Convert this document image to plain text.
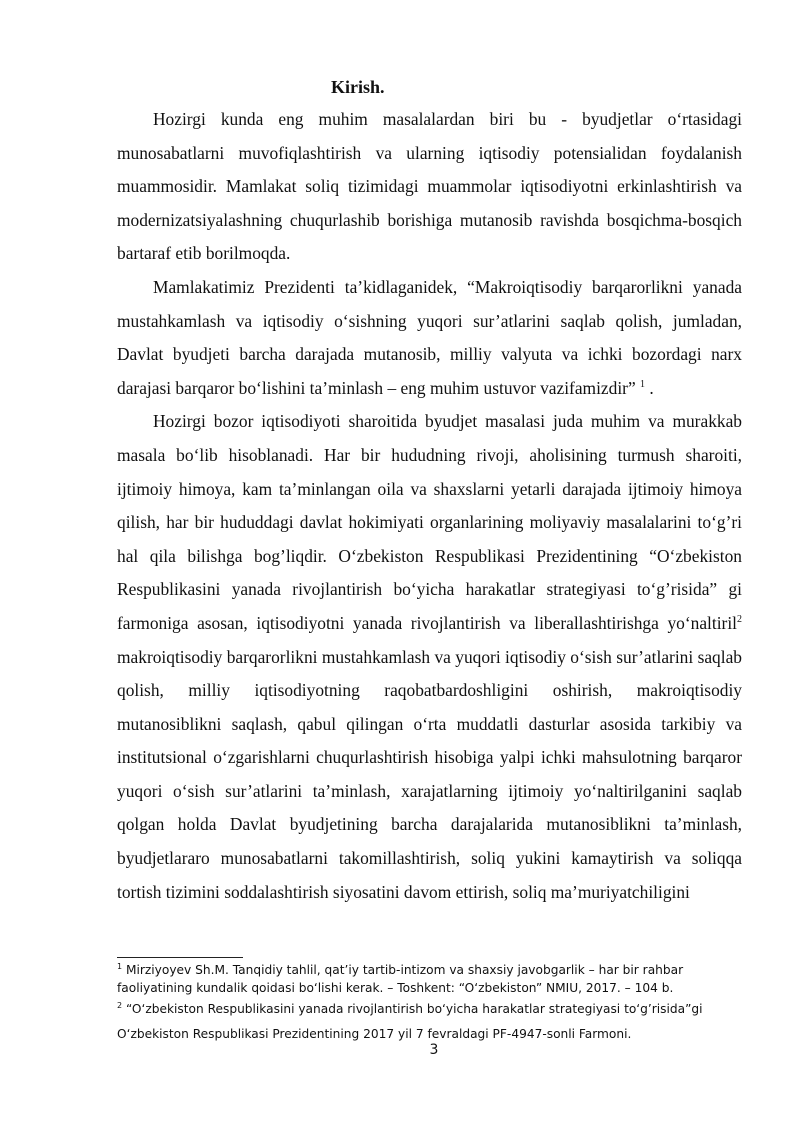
Kirish.

Hozirgi kunda eng muhim masalalardan biri bu - byudjetlar o‘rtasidagi munosabatlarni muvofiqlashtirish va ularning iqtisodiy potensialidan foydalanish muammosidir. Mamlakat soliq tizimidagi muammolar iqtisodiyotni erkinlashtirish va modernizatsiyalashning chuqurlashib borishiga mutanosib ravishda bosqichma-bosqich bartaraf etib borilmoqda.

Mamlakatimiz Prezidenti ta’kidlaganidek, “Makroiqtisodiy barqarorlikni yanada mustahkamlash va iqtisodiy o‘sishning yuqori sur’atlarini saqlab qolish, jumladan, Davlat byudjeti barcha darajada mutanosib, milliy valyuta va ichki bozordagi narx darajasi barqaror bo‘lishini ta’minlash – eng muhim ustuvor vazifamizdir” $^1$ .

Hozirgi bozor iqtisodiyoti sharoitida byudjet masalasi juda muhim va murakkab masala bo‘lib hisoblanadi. Har bir hududning rivoji, aholisining turmush sharoiti, ijtimoiy himoya, kam ta’minlangan oila va shaxslarni yetarli darajada ijtimoiy himoya qilish, har bir hududdagi davlat hokimiyati organlarining moliyaviy masalalarini to‘g’ri hal qila bilishga bog’liqdir. O‘zbekiston Respublikasi Prezidentining “O‘zbekiston Respublikasini yanada rivojlantirish bo‘yicha harakatlar strategiyasi to‘g’risida” gi farmoniga asosan, iqtisodiyotni yanada rivojlantirish va liberallashtirishga yo‘naltiril$^2$ makroiqtisodiy barqarorlikni mustahkamlash va yuqori iqtisodiy o‘sish sur’atlarini saqlab qolish, milliy iqtisodiyotning raqobatbardoshligini oshirish, makroiqtisodiy mutanosiblikni saqlash, qabul qilingan o‘rta muddatli dasturlar asosida tarkibiy va institutsional o‘zgarishlarni chuqurlashtirish hisobiga yalpi ichki mahsulotning barqaror yuqori o‘sish sur’atlarini ta’minlash, xarajatlarning ijtimoiy yo‘naltirilganini saqlab qolgan holda Davlat byudjetining barcha darajalarida mutanosiblikni ta’minlash, byudjetlararo munosabatlarni takomillashtirish, soliq yukini kamaytirish va soliqqa tortish tizimini soddalashtirish siyosatini davom ettirish, soliq ma’muriyatchiligini

$^1$ Mirziyoyev Sh.M. Tanqidiy tahlil, qat’iy tartib-intizom va shaxsiy javobgarlik – har bir rahbar faoliyatining kundalik qoidasi bo‘lishi kerak. – Toshkent: “O‘zbekiston” NMIU, 2017. – 104 b.

$^2$ “O‘zbekiston Respublikasini yanada rivojlantirish bo‘yicha harakatlar strategiyasi to‘g’risida”gi O‘zbekiston Respublikasi Prezidentining 2017 yil 7 fevraldagi PF-4947-sonli Farmoni.

3
